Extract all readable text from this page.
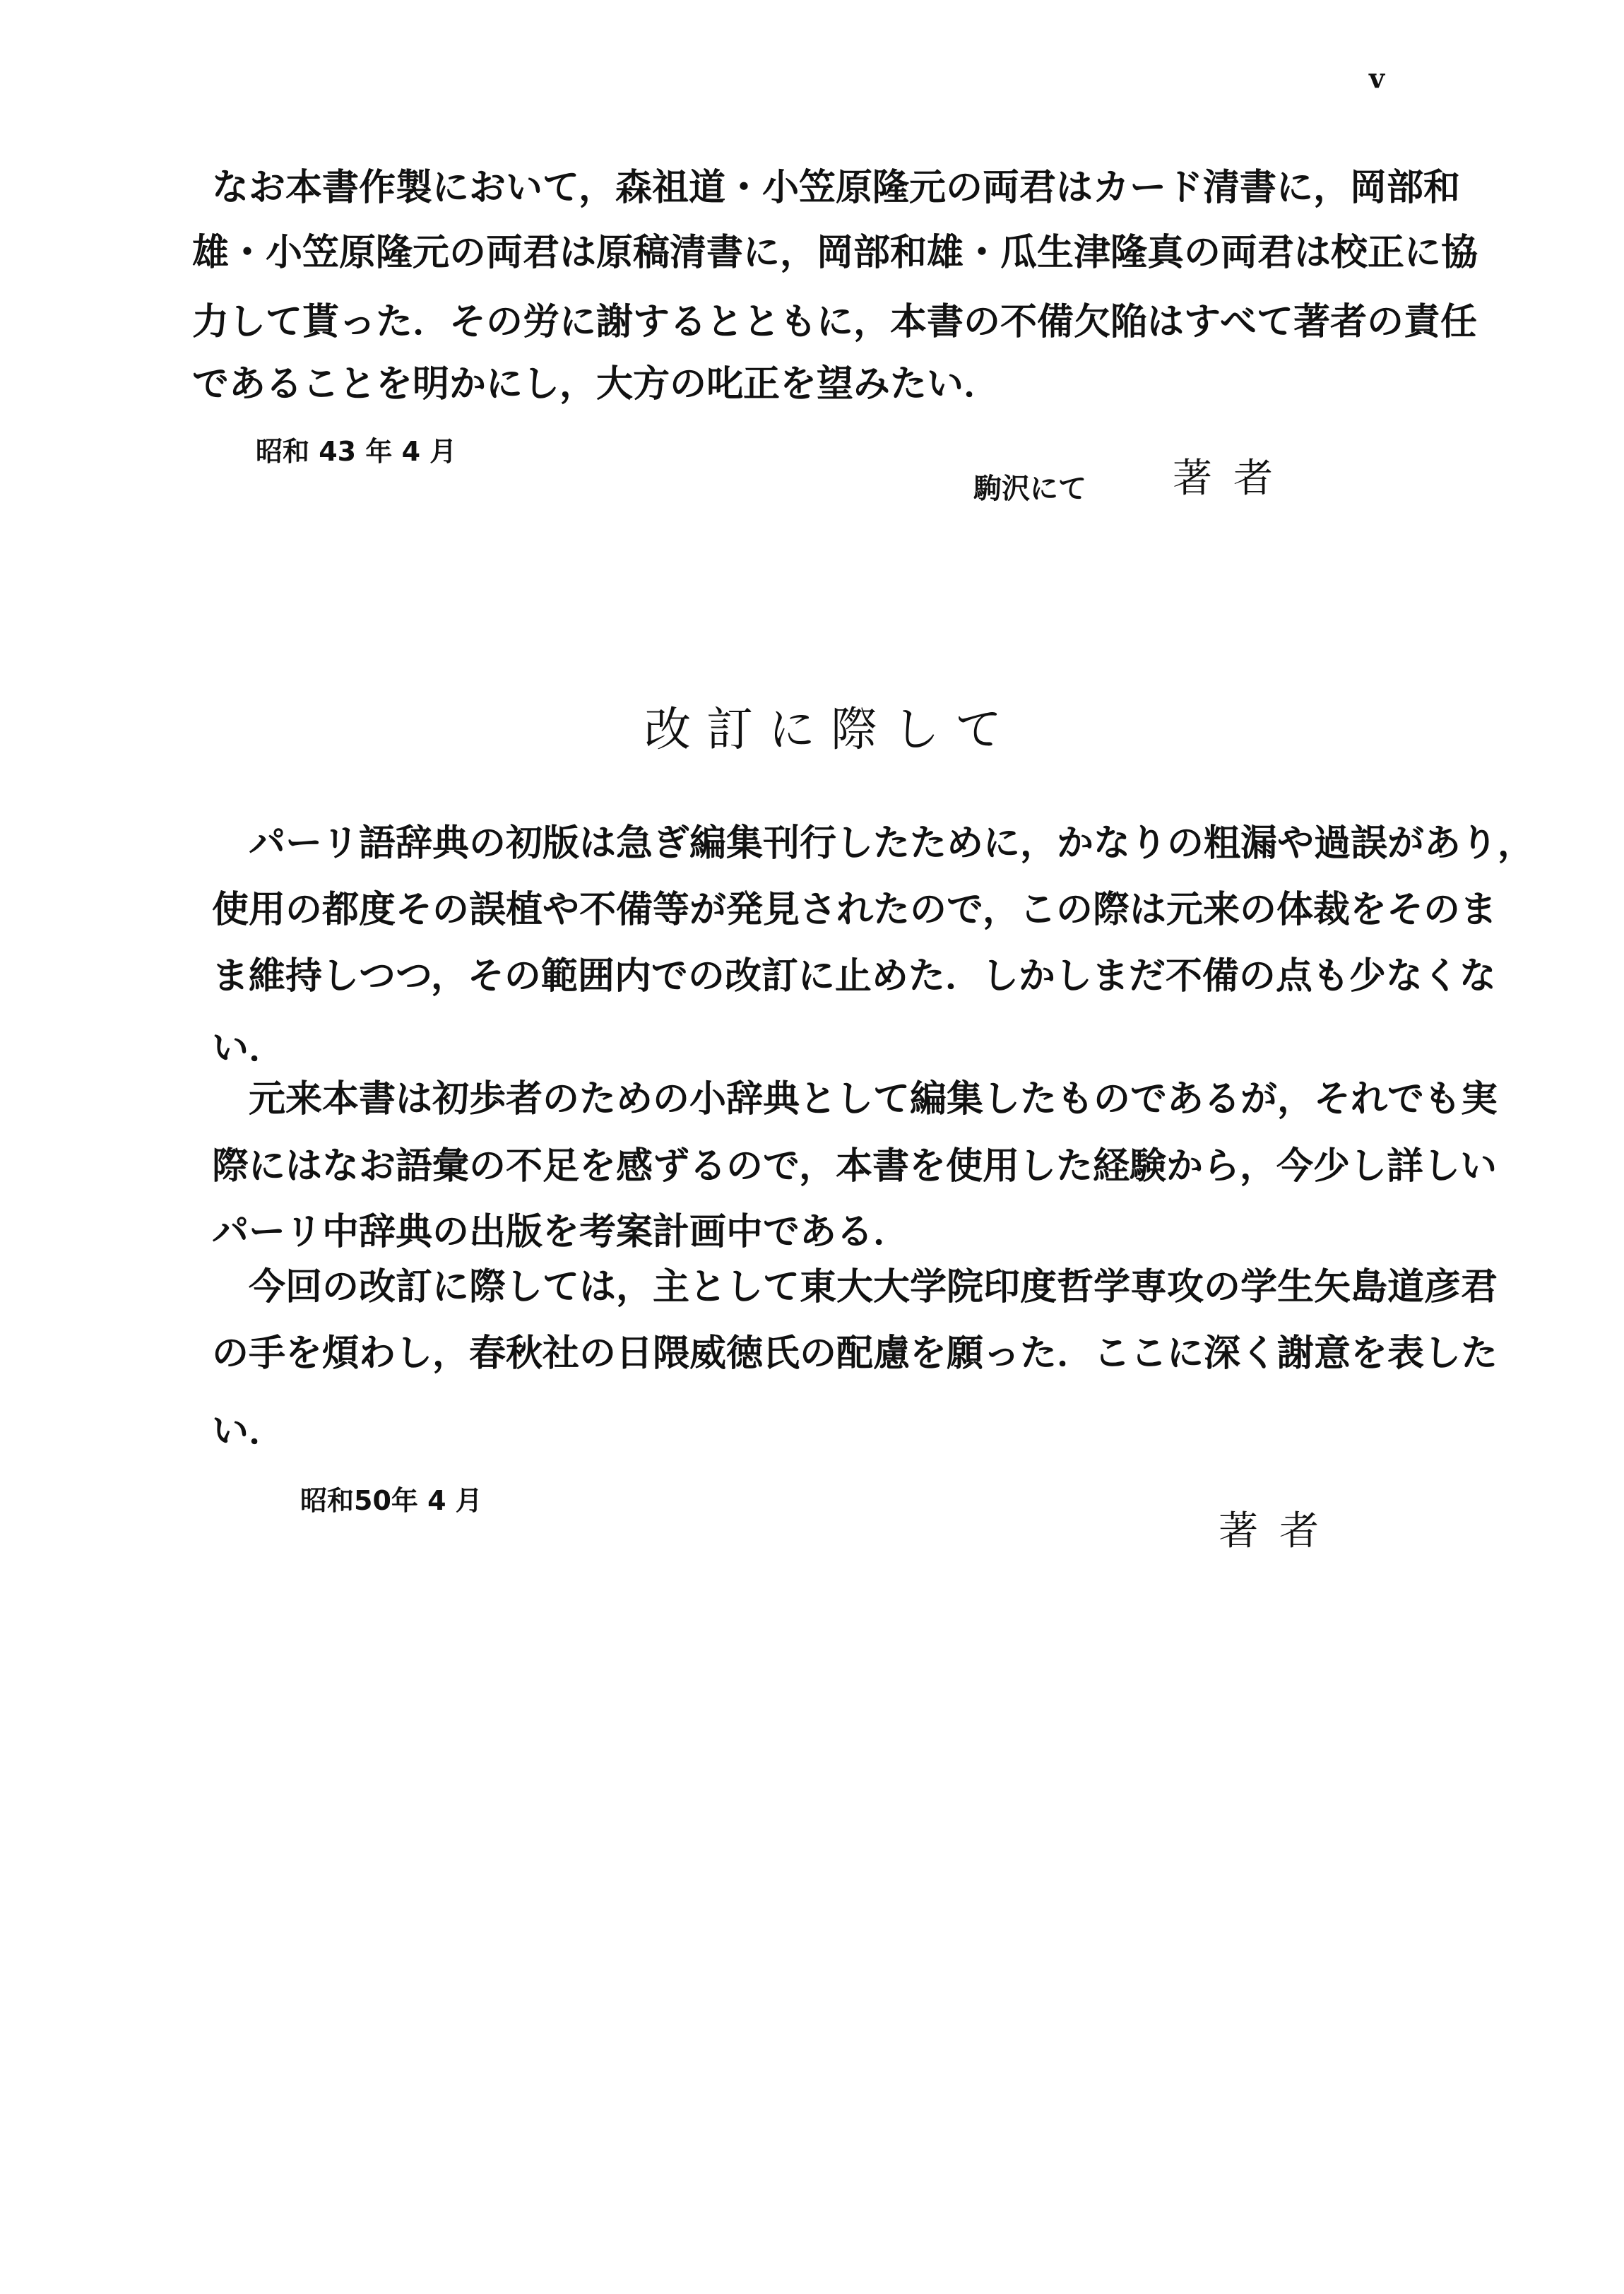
v
なお本書作製において，森祖道・小笠原隆元の両君はカード清書に，岡部和
雄・小笠原隆元の両君は原稿清書に，岡部和雄・瓜生津隆真の両君は校正に協
力して貰った．その労に謝するとともに，本書の不備欠陥はすべて著者の責任
であることを明かにし，大方の叱正を望みたい．
昭和 43 年 4 月
駒沢にて 著者
改訂に際して
パーリ語辞典の初版は急ぎ編集刊行したために，かなりの粗漏や過誤があり，
使用の都度その誤植や不備等が発見されたので，この際は元来の体裁をそのま
ま維持しつつ，その範囲内での改訂に止めた．しかしまだ不備の点も少なくな
い．
元来本書は初歩者のための小辞典として編集したものであるが，それでも実
際にはなお語彙の不足を感ずるので，本書を使用した経験から，今少し詳しい
パーリ中辞典の出版を考案計画中である．
今回の改訂に際しては，主として東大大学院印度哲学専攻の学生矢島道彦君
の手を煩わし，春秋社の日隈威徳氏の配慮を願った．ここに深く謝意を表した
い．
昭和50年 4 月
著者
